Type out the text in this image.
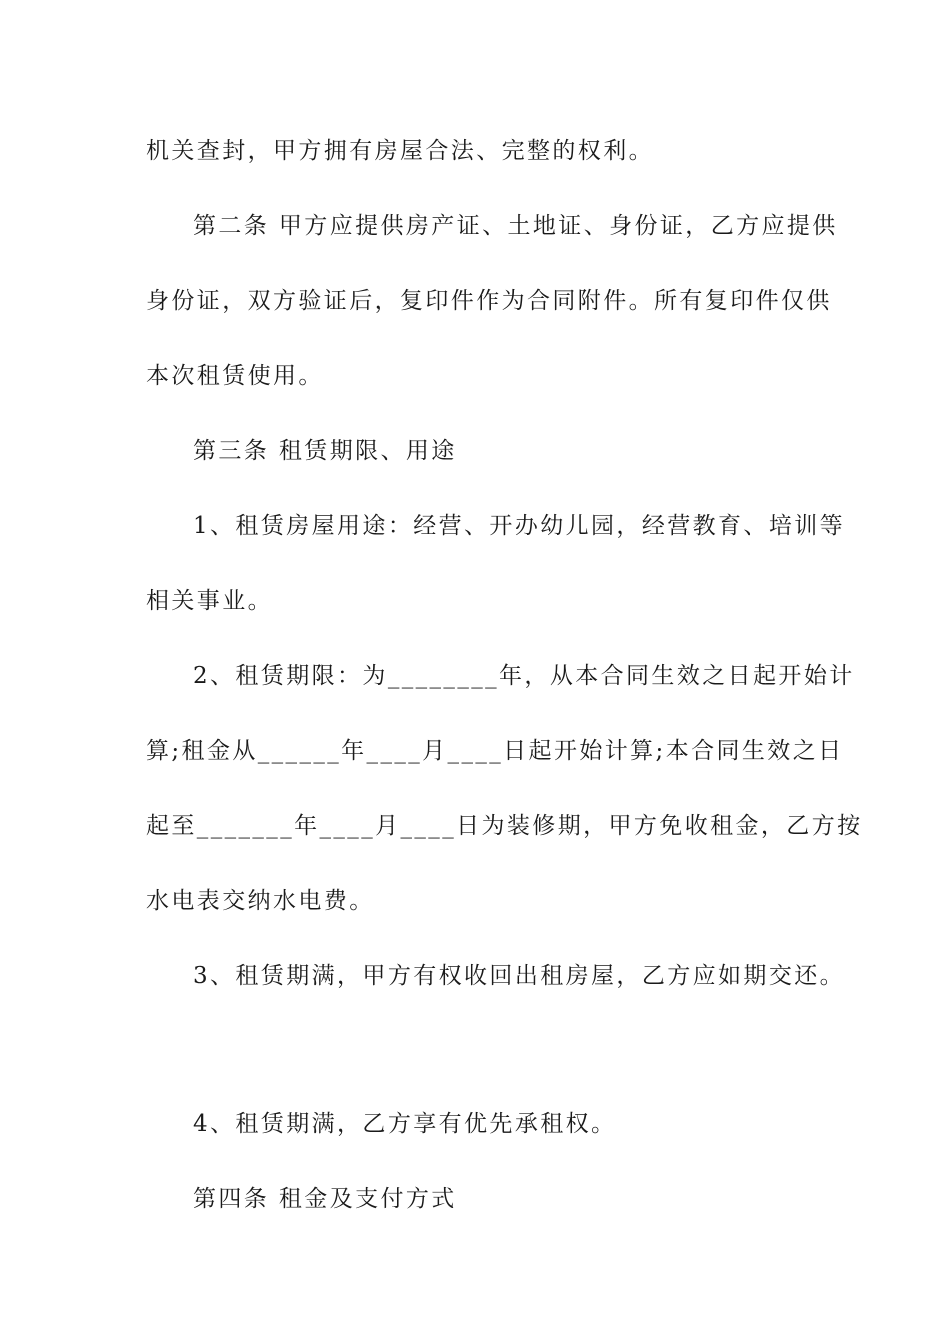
机关查封，甲方拥有房屋合法、完整的权利。
第二条 甲方应提供房产证、土地证、身份证，乙方应提供
身份证，双方验证后，复印件作为合同附件。所有复印件仅供
本次租赁使用。
第三条 租赁期限、用途
1、租赁房屋用途：经营、开办幼儿园，经营教育、培训等
相关事业。
2、租赁期限：为________年，从本合同生效之日起开始计
算;租金从______年____月____日起开始计算;本合同生效之日
起至_______年____月____日为装修期，甲方免收租金，乙方按
水电表交纳水电费。
3、租赁期满，甲方有权收回出租房屋，乙方应如期交还。
4、租赁期满，乙方享有优先承租权。
第四条 租金及支付方式
